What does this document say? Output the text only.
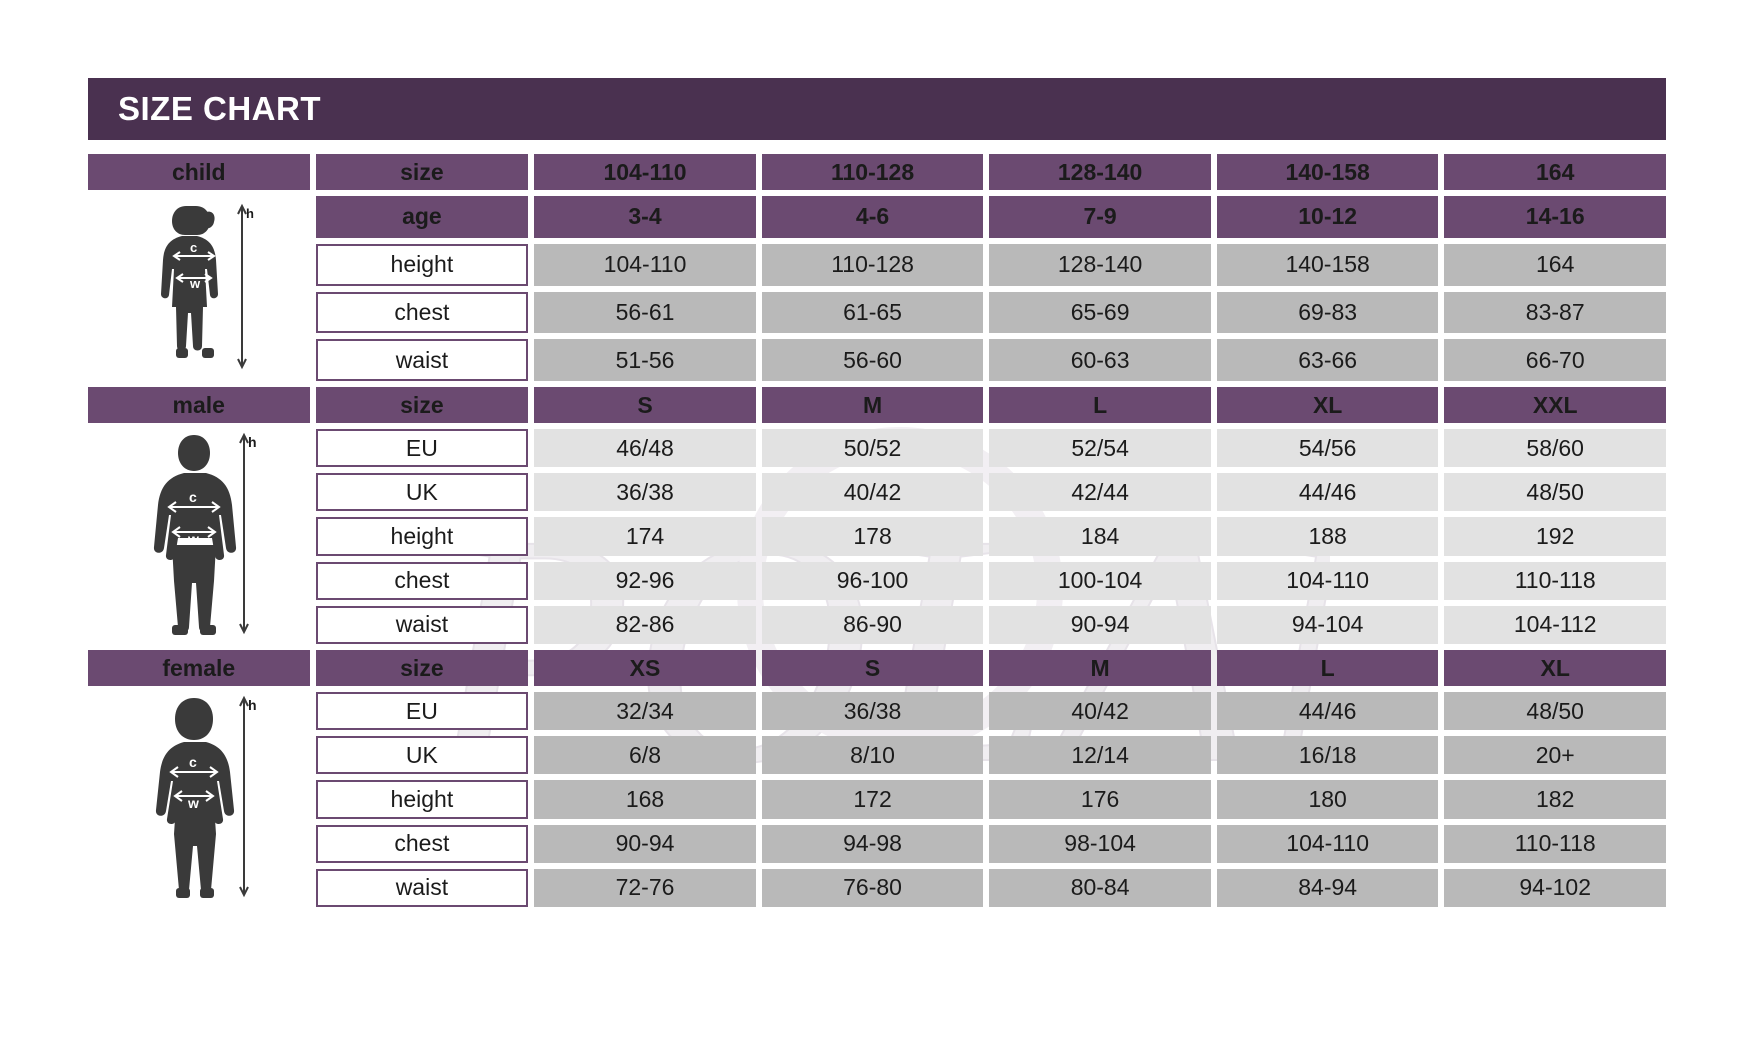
SIZE CHART
child	size	104-110	110-128	128-140	140-158	164

h
c
w	age	3-4	4-6	7-9	10-12	14-16
	height	104-110	110-128	128-140	140-158	164
	chest	56-61	61-65	65-69	69-83	83-87
	waist	51-56	56-60	60-63	63-66	66-70
male	size	S	M	L	XL	XXL

h
c
w	EU	46/48	50/52	52/54	54/56	58/60
	UK	36/38	40/42	42/44	44/46	48/50
	height	174	178	184	188	192
	chest	92-96	96-100	100-104	104-110	110-118
	waist	82-86	86-90	90-94	94-104	104-112
female	size	XS	S	M	L	XL

h
c
w	EU	32/34	36/38	40/42	44/46	48/50
	UK	6/8	8/10	12/14	16/18	20+
	height	168	172	176	180	182
	chest	90-94	94-98	98-104	104-110	110-118
	waist	72-76	76-80	80-84	84-94	94-102
